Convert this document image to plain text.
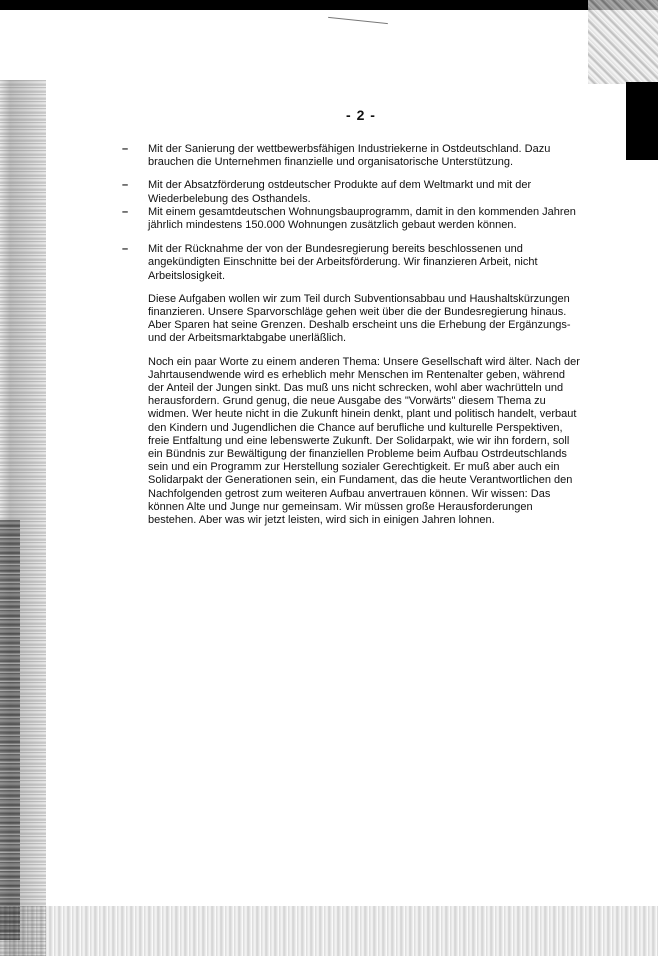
- 2 -
– Mit der Sanierung der wettbewerbsfähigen Industriekerne in Ostdeutschland. Dazu brauchen die Unternehmen finanzielle und organisatorische Unterstützung.

– Mit der Absatzförderung ostdeutscher Produkte auf dem Weltmarkt und mit der Wiederbelebung des Osthandels.

– Mit einem gesamtdeutschen Wohnungsbauprogramm, damit in den kommenden Jahren jährlich mindestens 150.000 Wohnungen zusätzlich gebaut werden können.

– Mit der Rücknahme der von der Bundesregierung bereits beschlossenen und angekündigten Einschnitte bei der Arbeitsförderung. Wir finanzieren Arbeit, nicht Arbeitslosigkeit.

Diese Aufgaben wollen wir zum Teil durch Subventionsabbau und Haushaltskürzungen finanzieren. Unsere Sparvorschläge gehen weit über die der Bundesregierung hinaus. Aber Sparen hat seine Grenzen. Deshalb erscheint uns die Erhebung der Ergänzungs- und der Arbeitsmarktabgabe unerläßlich.

Noch ein paar Worte zu einem anderen Thema: Unsere Gesellschaft wird älter. Nach der Jahrtausendwende wird es erheblich mehr Menschen im Rentenalter geben, während der Anteil der Jungen sinkt. Das muß uns nicht schrecken, wohl aber wachrütteln und herausfordern. Grund genug, die neue Ausgabe des "Vorwärts" diesem Thema zu widmen. Wer heute nicht in die Zukunft hinein denkt, plant und politisch handelt, verbaut den Kindern und Jugendlichen die Chance auf berufliche und kulturelle Perspektiven, freie Entfaltung und eine lebenswerte Zukunft. Der Solidarpakt, wie wir ihn fordern, soll ein Bündnis zur Bewältigung der finanziellen Probleme beim Aufbau Ostrdeutschlands sein und ein Programm zur Herstellung sozialer Gerechtigkeit. Er muß aber auch ein Solidarpakt der Generationen sein, ein Fundament, das die heute Verantwortlichen den Nachfolgenden getrost zum weiteren Aufbau anvertrauen können. Wir wissen: Das können Alte und Junge nur gemeinsam. Wir müssen große Herausforderungen bestehen. Aber was wir jetzt leisten, wird sich in einigen Jahren lohnen.
